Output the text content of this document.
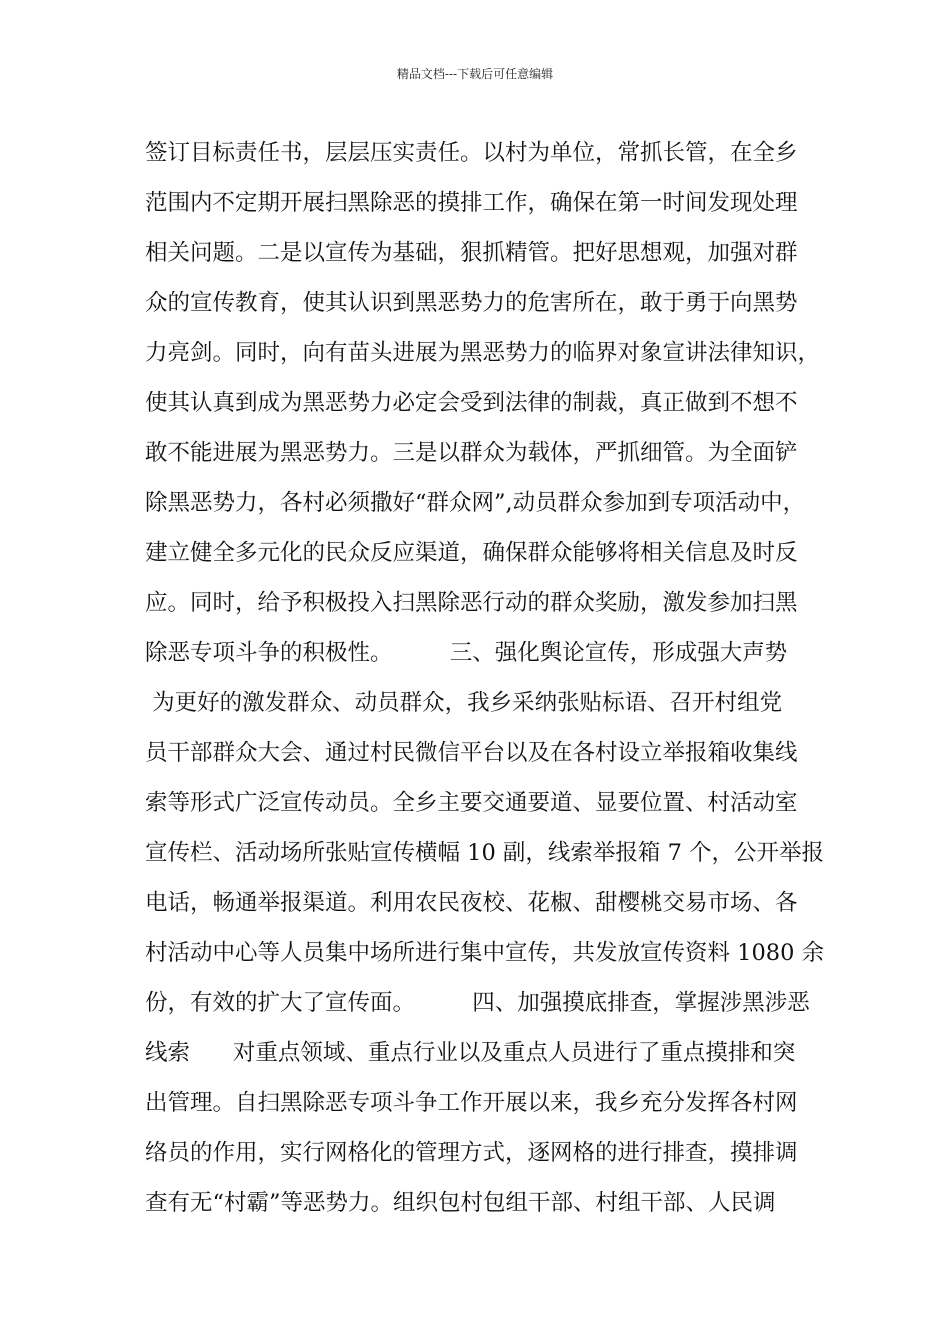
精品文档---下载后可任意编辑
签订目标责任书，层层压实责任。以村为单位，常抓长管，在全乡
范围内不定期开展扫黑除恶的摸排工作，确保在第一时间发现处理
相关问题。二是以宣传为基础，狠抓精管。把好思想观，加强对群
众的宣传教育，使其认识到黑恶势力的危害所在，敢于勇于向黑势
力亮剑。同时，向有苗头进展为黑恶势力的临界对象宣讲法律知识，
使其认真到成为黑恶势力必定会受到法律的制裁，真正做到不想不
敢不能进展为黑恶势力。三是以群众为载体，严抓细管。为全面铲
除黑恶势力，各村必须撒好“群众网”,动员群众参加到专项活动中，
建立健全多元化的民众反应渠道，确保群众能够将相关信息及时反
应。同时，给予积极投入扫黑除恶行动的群众奖励，激发参加扫黑
除恶专项斗争的积极性。        三、强化舆论宣传，形成强大声势
为更好的激发群众、动员群众，我乡采纳张贴标语、召开村组党
员干部群众大会、通过村民微信平台以及在各村设立举报箱收集线
索等形式广泛宣传动员。全乡主要交通要道、显要位置、村活动室
宣传栏、活动场所张贴宣传横幅 10 副，线索举报箱 7 个，公开举报
电话，畅通举报渠道。利用农民夜校、花椒、甜樱桃交易市场、各
村活动中心等人员集中场所进行集中宣传，共发放宣传资料 1080 余
份，有效的扩大了宣传面。        四、加强摸底排查，掌握涉黑涉恶
线索      对重点领域、重点行业以及重点人员进行了重点摸排和突
出管理。自扫黑除恶专项斗争工作开展以来，我乡充分发挥各村网
络员的作用，实行网格化的管理方式，逐网格的进行排查，摸排调
查有无“村霸”等恶势力。组织包村包组干部、村组干部、人民调
